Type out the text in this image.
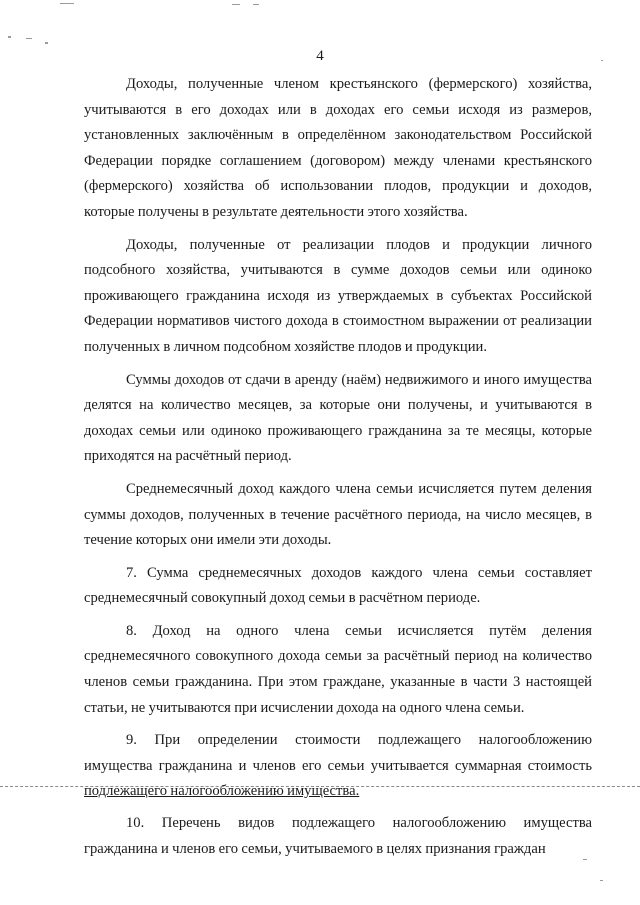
4

Доходы, полученные членом крестьянского (фермерского) хозяйства, учитываются в его доходах или в доходах его семьи исходя из размеров, установленных заключённым в определённом законодательством Российской Федерации порядке соглашением (договором) между членами крестьянского (фермерского) хозяйства об использовании плодов, продукции и доходов, которые получены в результате деятельности этого хозяйства.

Доходы, полученные от реализации плодов и продукции личного подсобного хозяйства, учитываются в сумме доходов семьи или одиноко проживающего гражданина исходя из утверждаемых в субъектах Российской Федерации нормативов чистого дохода в стоимостном выражении от реализации полученных в личном подсобном хозяйстве плодов и продукции.

Суммы доходов от сдачи в аренду (наём) недвижимого и иного имущества делятся на количество месяцев, за которые они получены, и учитываются в доходах семьи или одиноко проживающего гражданина за те месяцы, которые приходятся на расчётный период.

Среднемесячный доход каждого члена семьи исчисляется путем деления суммы доходов, полученных в течение расчётного периода, на число месяцев, в течение которых они имели эти доходы.

7. Сумма среднемесячных доходов каждого члена семьи составляет среднемесячный совокупный доход семьи в расчётном периоде.

8. Доход на одного члена семьи исчисляется путём деления среднемесячного совокупного дохода семьи за расчётный период на количество членов семьи гражданина. При этом граждане, указанные в части 3 настоящей статьи, не учитываются при исчислении дохода на одного члена семьи.

9. При определении стоимости подлежащего налогообложению имущества гражданина и членов его семьи учитывается суммарная стоимость подлежащего налогообложению имущества.

10. Перечень видов подлежащего налогообложению имущества гражданина и членов его семьи, учитываемого в целях признания граждан
